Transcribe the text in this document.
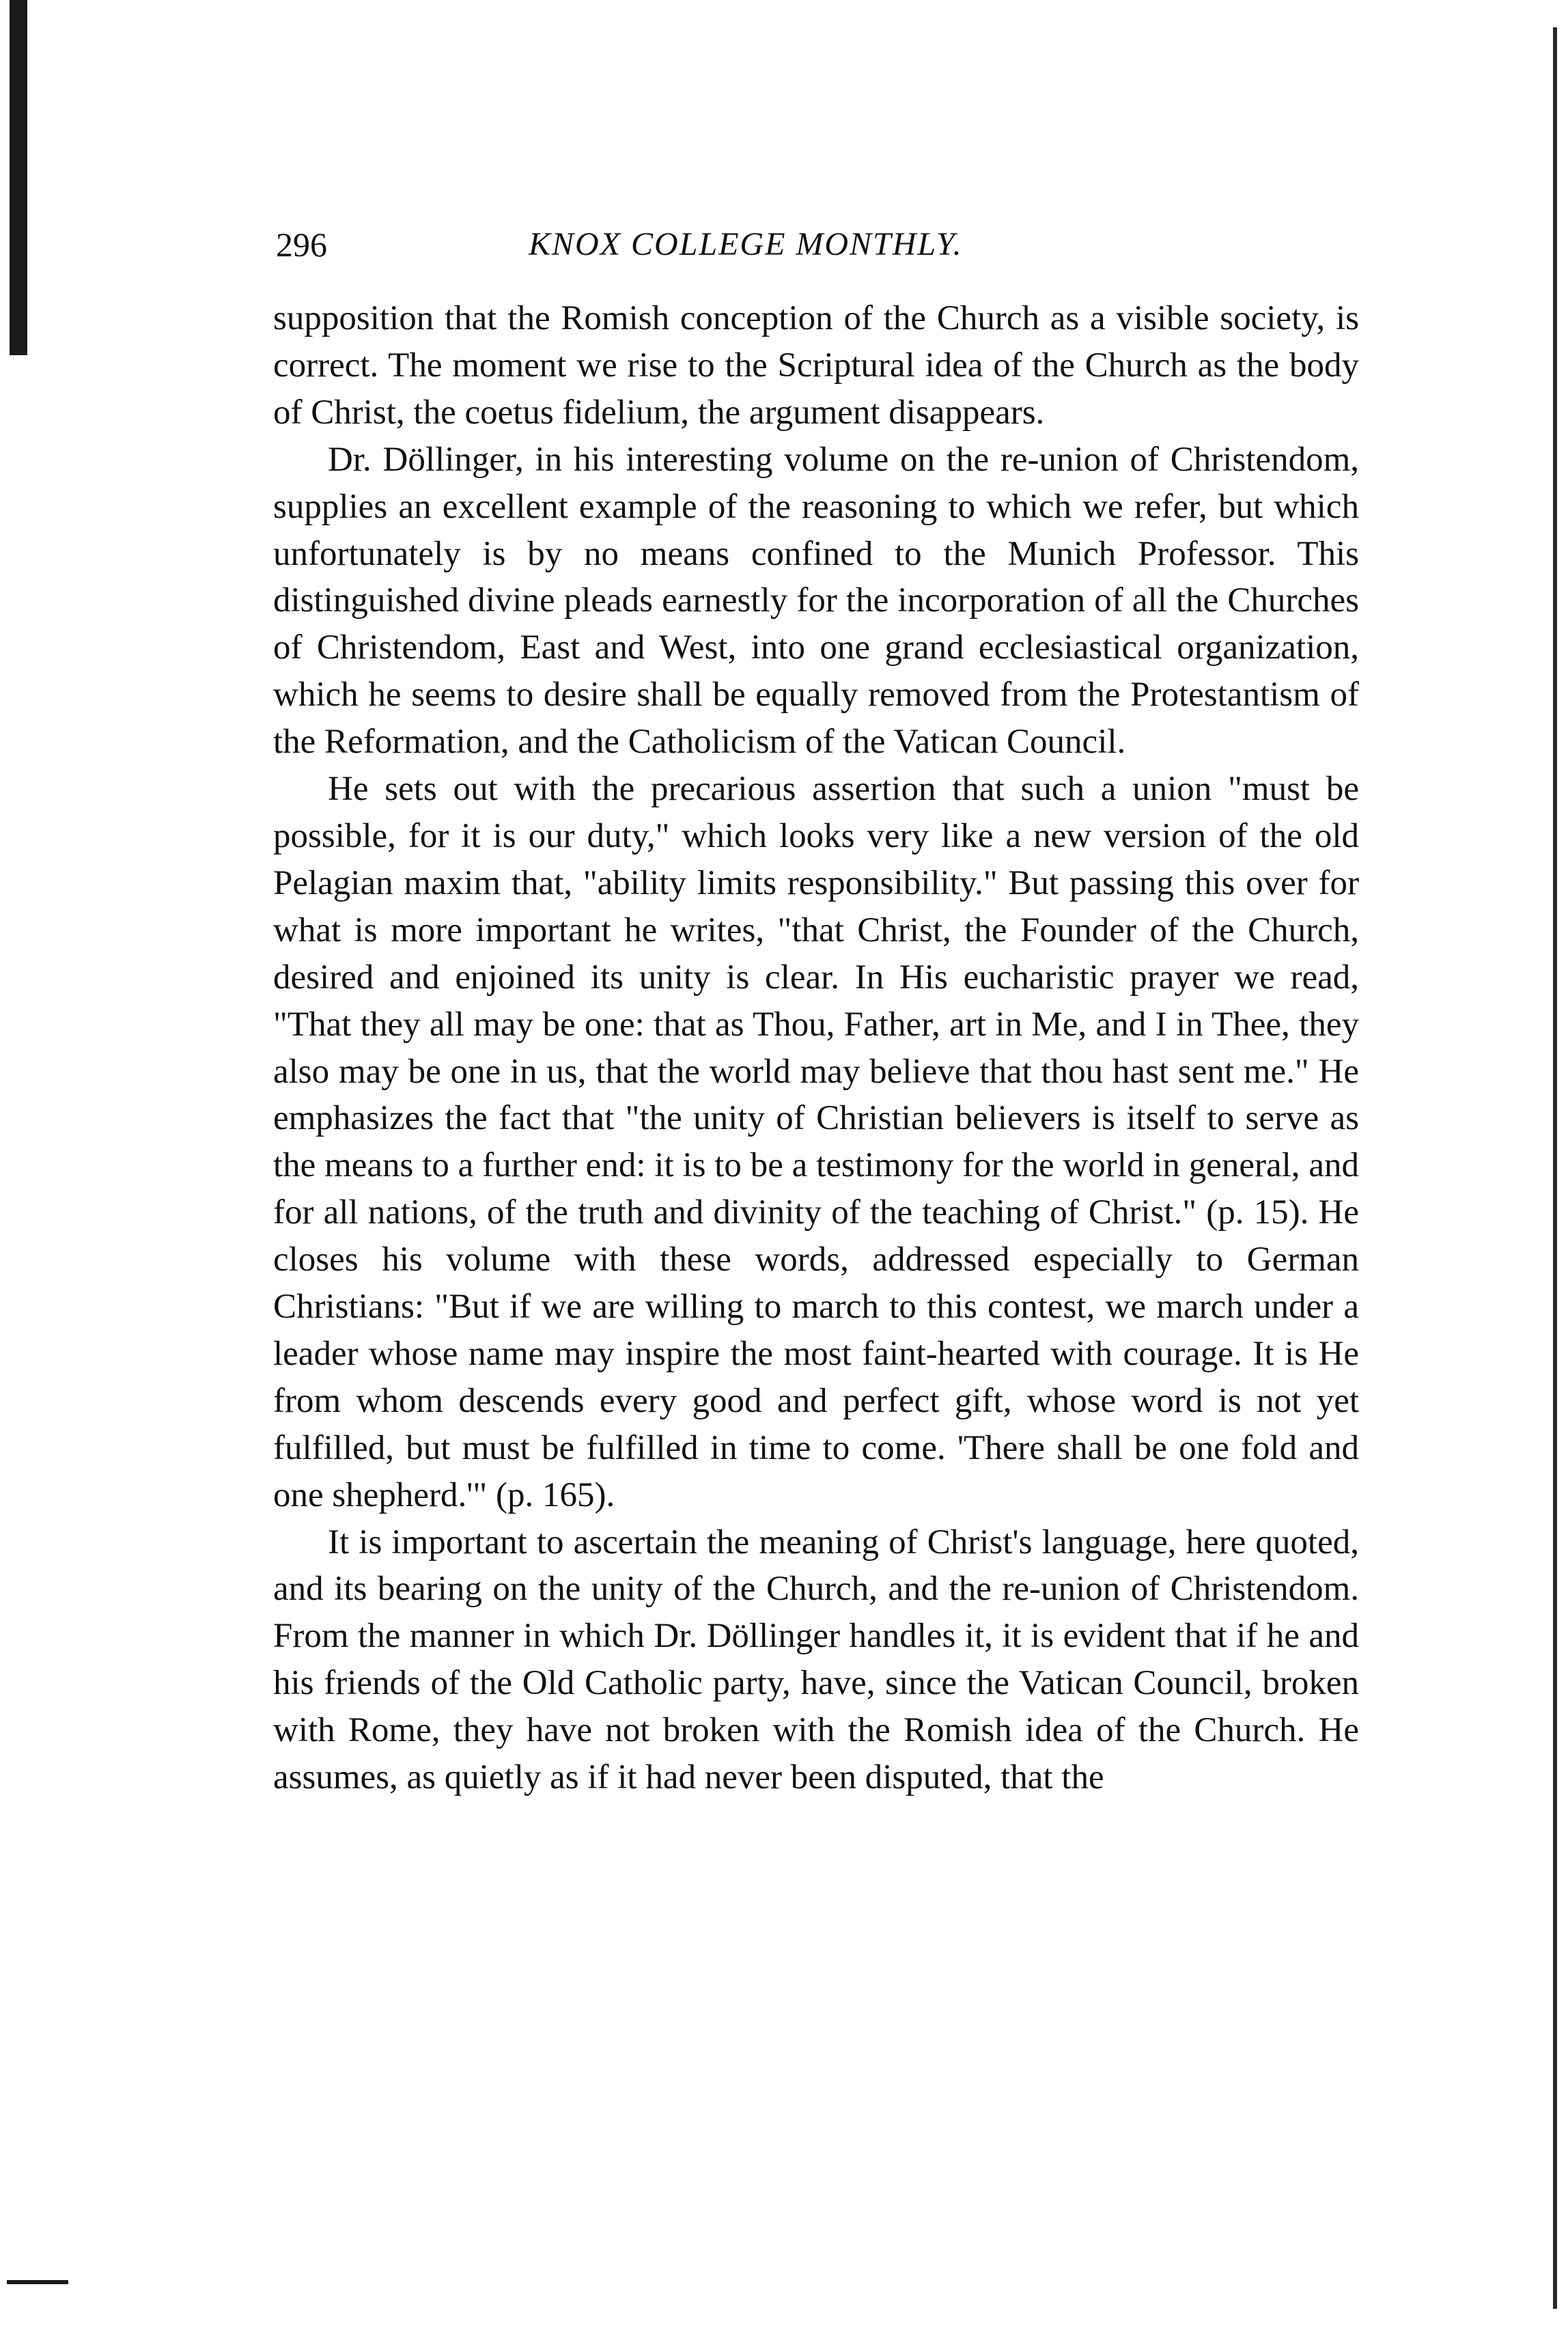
296	KNOX COLLEGE MONTHLY.

supposition that the Romish conception of the Church as a visible society, is correct. The moment we rise to the Scriptural idea of the Church as the body of Christ, the coetus fidelium, the argument disappears.

Dr. Döllinger, in his interesting volume on the re-union of Christendom, supplies an excellent example of the reasoning to which we refer, but which unfortunately is by no means confined to the Munich Professor. This distinguished divine pleads earnestly for the incorporation of all the Churches of Christendom, East and West, into one grand ecclesiastical organization, which he seems to desire shall be equally removed from the Protestantism of the Reformation, and the Catholicism of the Vatican Council.

He sets out with the precarious assertion that such a union "must be possible, for it is our duty," which looks very like a new version of the old Pelagian maxim that, "ability limits responsibility." But passing this over for what is more important he writes, "that Christ, the Founder of the Church, desired and enjoined its unity is clear. In His eucharistic prayer we read, "That they all may be one: that as Thou, Father, art in Me, and I in Thee, they also may be one in us, that the world may believe that thou hast sent me." He emphasizes the fact that "the unity of Christian believers is itself to serve as the means to a further end: it is to be a testimony for the world in general, and for all nations, of the truth and divinity of the teaching of Christ." (p. 15). He closes his volume with these words, addressed especially to German Christians: "But if we are willing to march to this contest, we march under a leader whose name may inspire the most faint-hearted with courage. It is He from whom descends every good and perfect gift, whose word is not yet fulfilled, but must be fulfilled in time to come. 'There shall be one fold and one shepherd.'" (p. 165).

It is important to ascertain the meaning of Christ's language, here quoted, and its bearing on the unity of the Church, and the re-union of Christendom. From the manner in which Dr. Döllinger handles it, it is evident that if he and his friends of the Old Catholic party, have, since the Vatican Council, broken with Rome, they have not broken with the Romish idea of the Church. He assumes, as quietly as if it had never been disputed, that the
